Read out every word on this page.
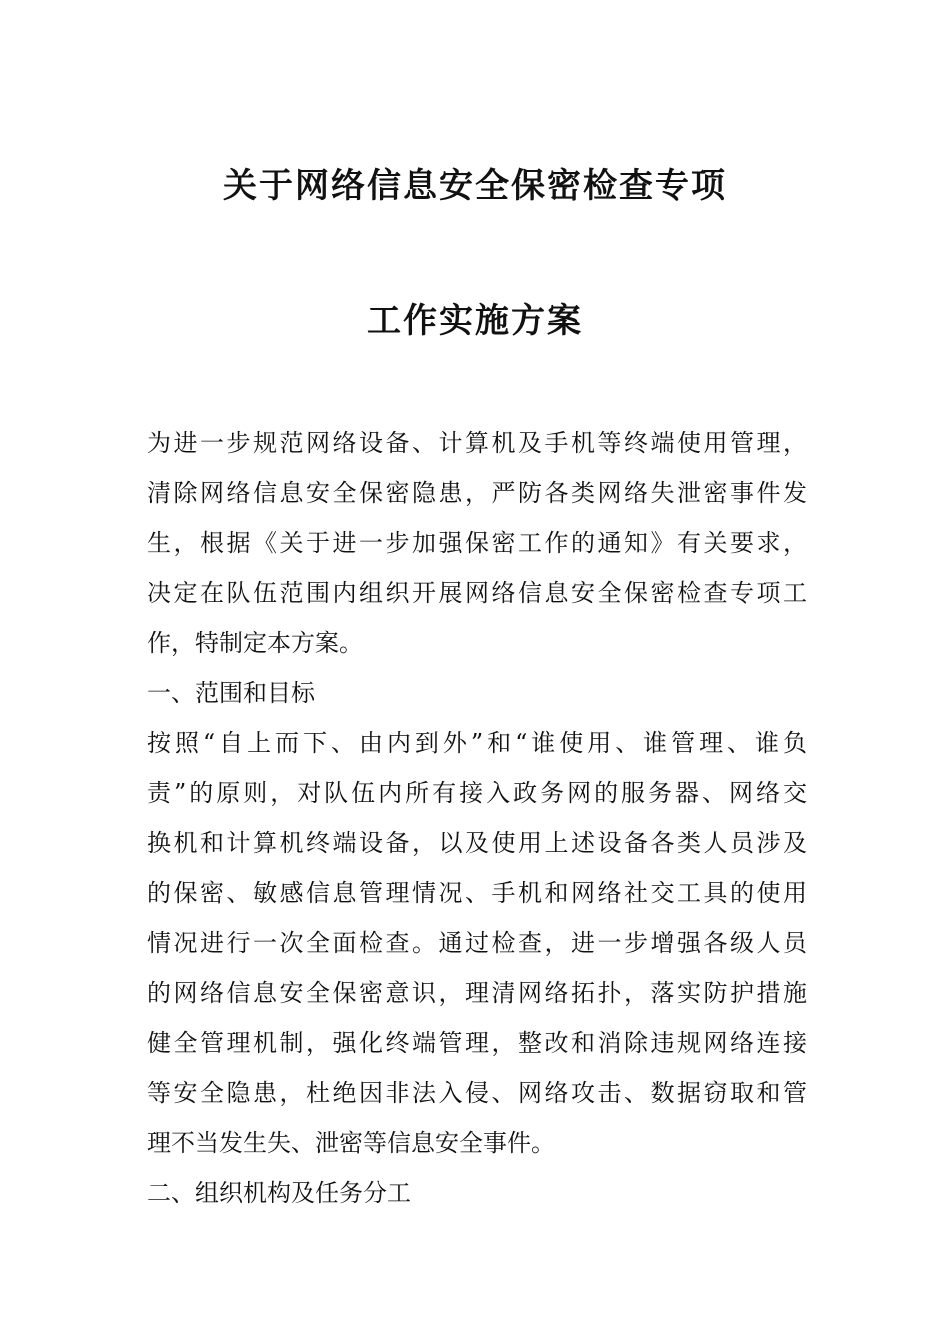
关于网络信息安全保密检查专项
工作实施方案
为进一步规范网络设备、计算机及手机等终端使用管理，
清除网络信息安全保密隐患，严防各类网络失泄密事件发
生，根据《关于进一步加强保密工作的通知》有关要求，
决定在队伍范围内组织开展网络信息安全保密检查专项工
作，特制定本方案。
一、范围和目标
按照“自上而下、由内到外”和“谁使用、谁管理、谁负
责”的原则，对队伍内所有接入政务网的服务器、网络交
换机和计算机终端设备，以及使用上述设备各类人员涉及
的保密、敏感信息管理情况、手机和网络社交工具的使用
情况进行一次全面检查。通过检查，进一步增强各级人员
的网络信息安全保密意识，理清网络拓扑，落实防护措施
健全管理机制，强化终端管理，整改和消除违规网络连接
等安全隐患，杜绝因非法入侵、网络攻击、数据窃取和管
理不当发生失、泄密等信息安全事件。
二、组织机构及任务分工
